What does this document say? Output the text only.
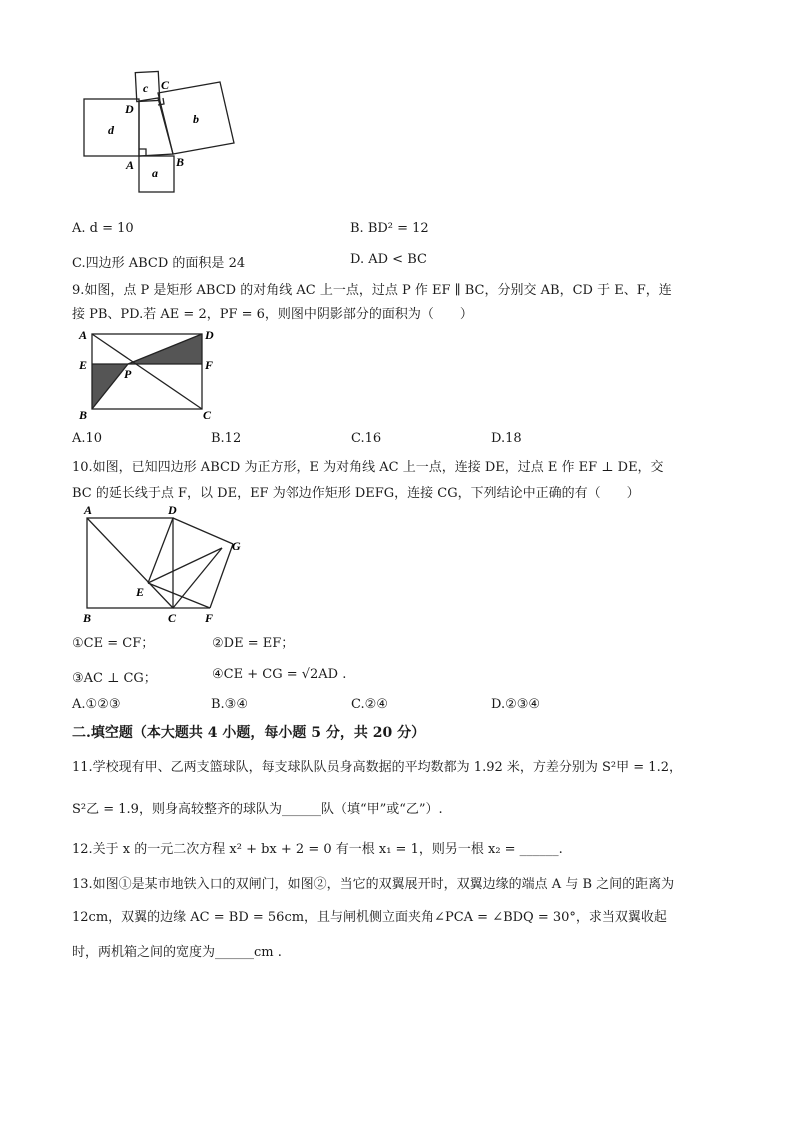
c C
D
d
b
A	B
a
A. d = 10	B. BD² = 12
C.四边形 ABCD 的面积是 24	D. AD < BC
9.如图，点 P 是矩形 ABCD 的对角线 AC 上一点，过点 P 作 EF ∥ BC，分别交 AB，CD 于 E、F，连
接 PB、PD.若 AE = 2，PF = 6，则图中阴影部分的面积为（　　）
A	D
E
P
F
B	C
A.10	B.12	C.16	D.18
10.如图，已知四边形 ABCD 为正方形，E 为对角线 AC 上一点，连接 DE，过点 E 作 EF ⊥ DE，交
BC 的延长线于点 F，以 DE，EF 为邻边作矩形 DEFG，连接 CG，下列结论中正确的有（　　）
A	D
G
E
B	C F
①CE = CF；	②DE = EF；
③AC ⊥ CG；	④CE + CG = √2AD .
A.①②③	B.③④	C.②④	D.②③④
二.填空题（本大题共 4 小题，每小题 5 分，共 20 分）
11.学校现有甲、乙两支篮球队，每支球队队员身高数据的平均数都为 1.92 米，方差分别为 S²甲 = 1.2，
S²乙 = 1.9，则身高较整齐的球队为______队（填“甲”或“乙”）.
12.关于 x 的一元二次方程 x² + bx + 2 = 0 有一根 x₁ = 1，则另一根 x₂ = ______.
13.如图①是某市地铁入口的双闸门，如图②，当它的双翼展开时，双翼边缘的端点 A 与 B 之间的距离为
12cm，双翼的边缘 AC = BD = 56cm，且与闸机侧立面夹角∠PCA = ∠BDQ = 30°，求当双翼收起
时，两机箱之间的宽度为______cm .
